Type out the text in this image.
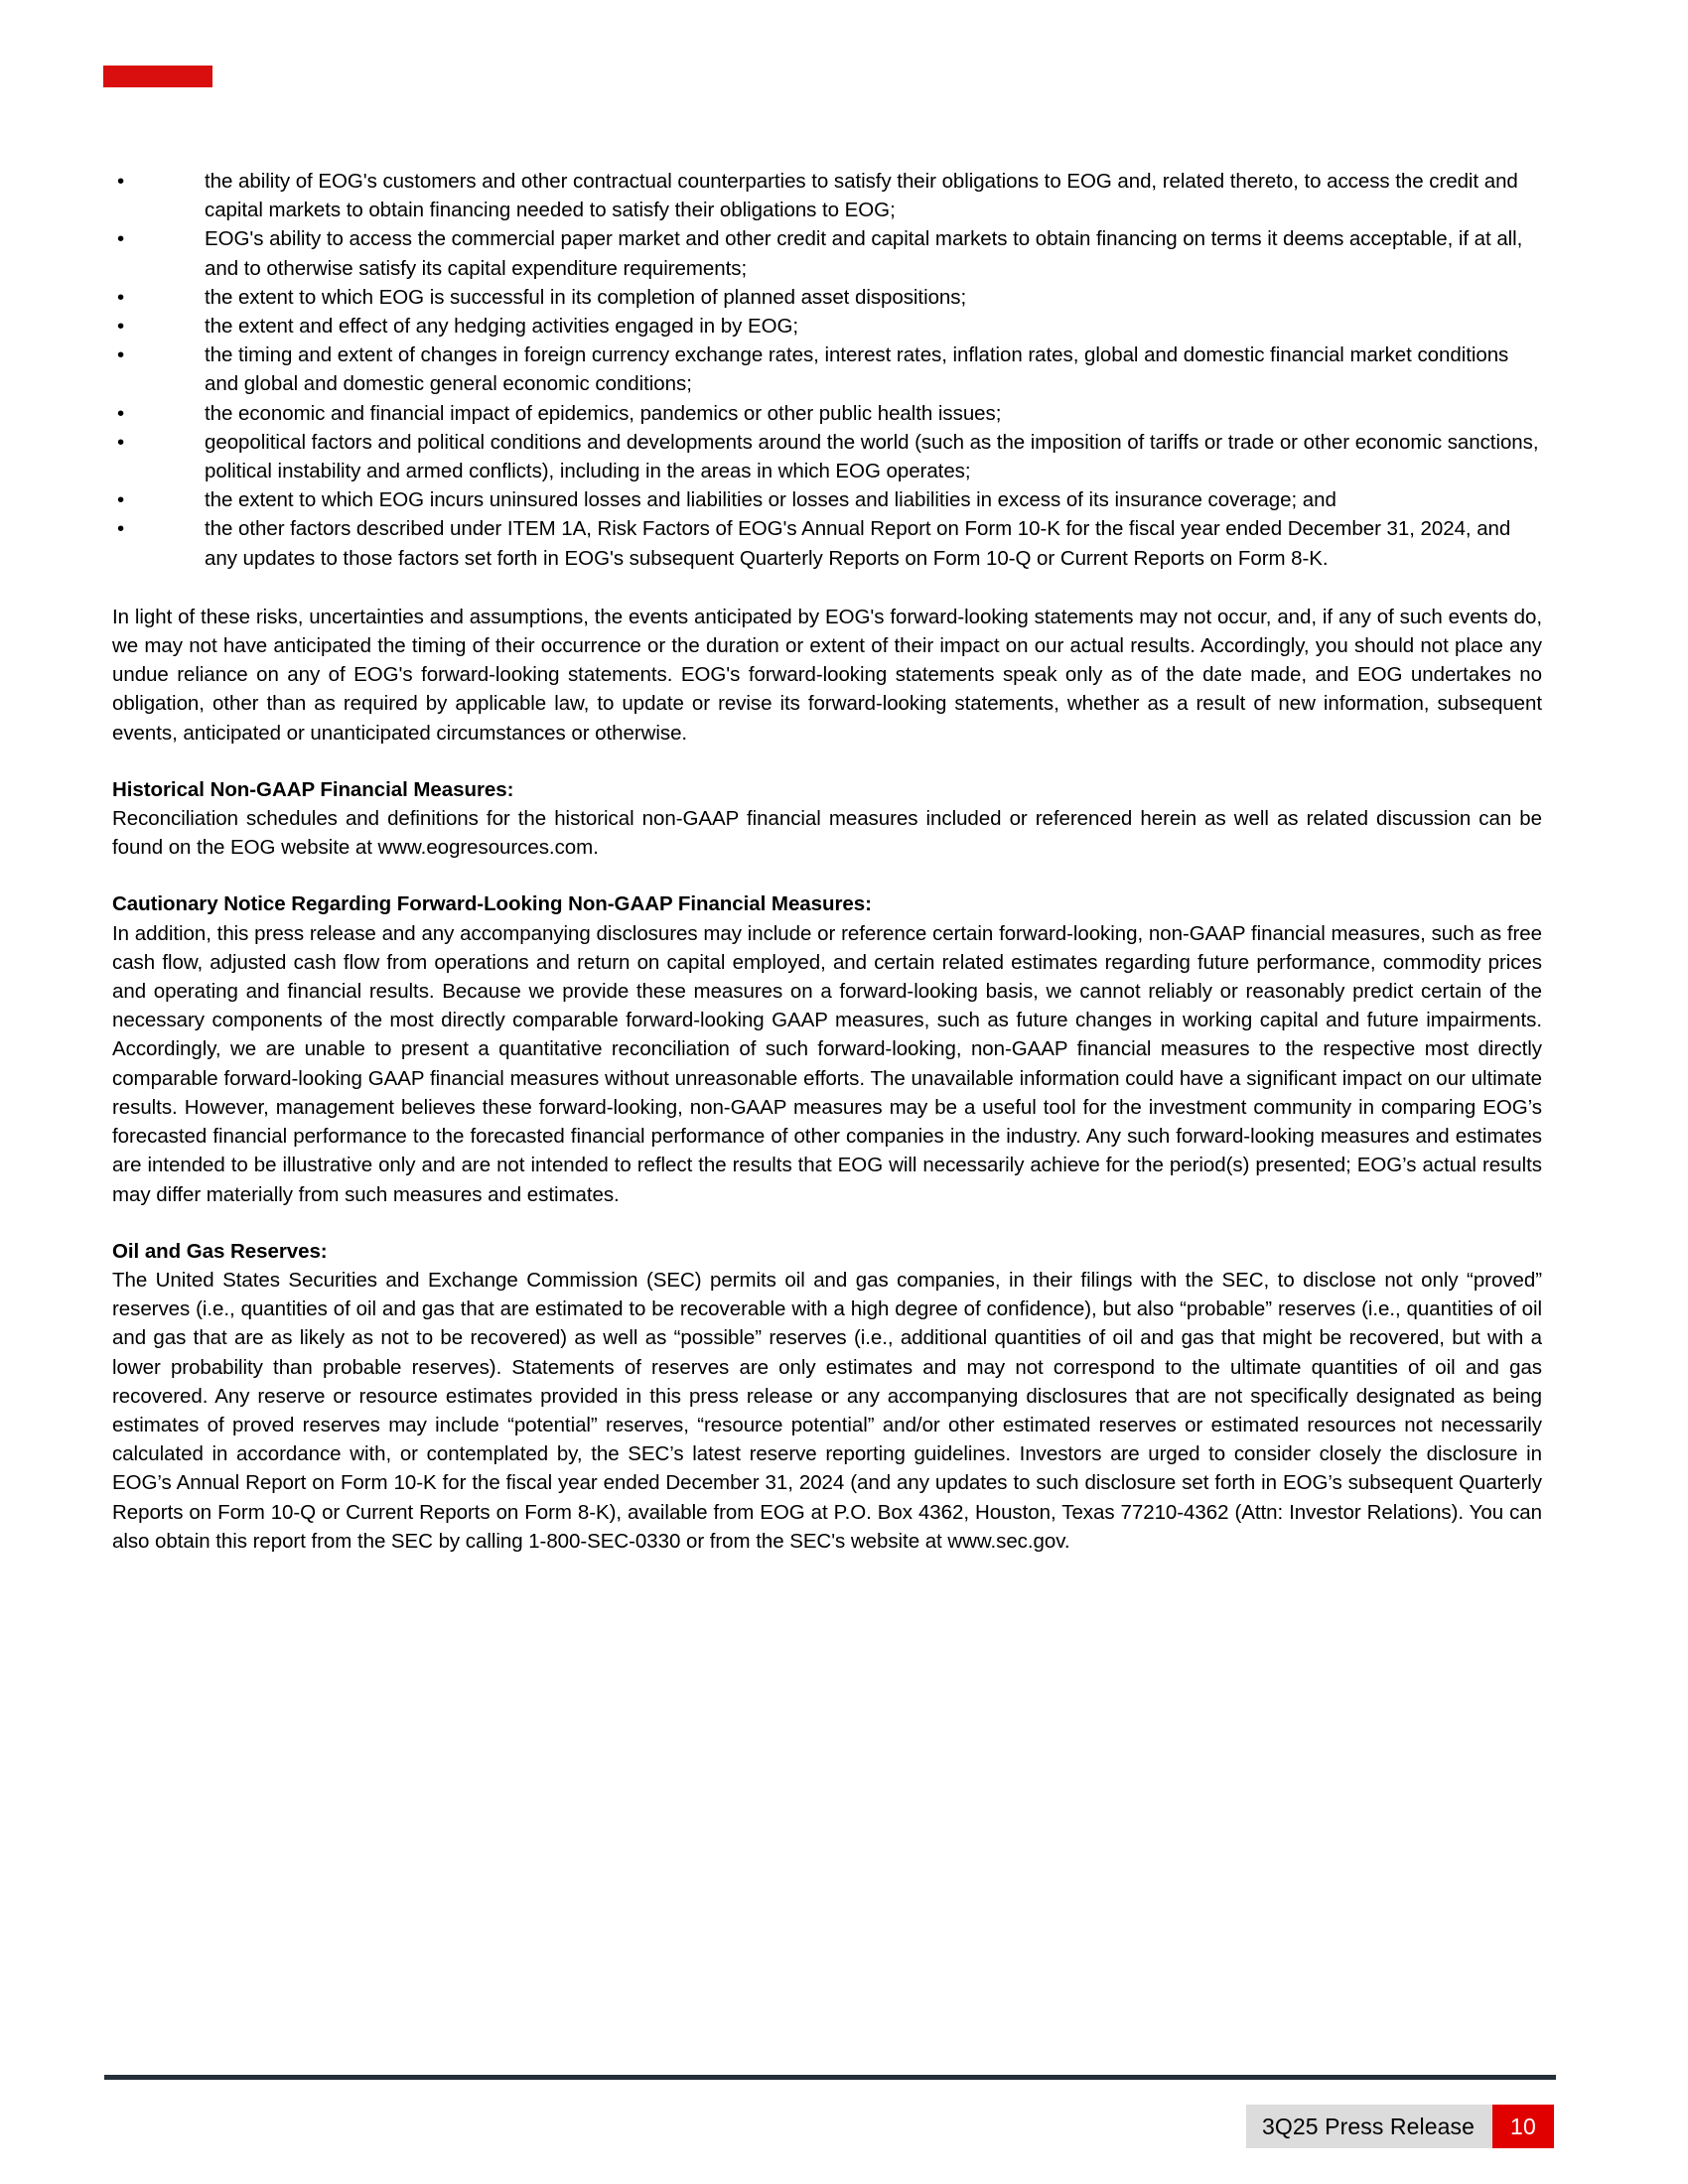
•	the ability of EOG's customers and other contractual counterparties to satisfy their obligations to EOG and, related thereto, to access the credit and capital markets to obtain financing needed to satisfy their obligations to EOG;
•	EOG's ability to access the commercial paper market and other credit and capital markets to obtain financing on terms it deems acceptable, if at all, and to otherwise satisfy its capital expenditure requirements;
•	the extent to which EOG is successful in its completion of planned asset dispositions;
•	the extent and effect of any hedging activities engaged in by EOG;
•	the timing and extent of changes in foreign currency exchange rates, interest rates, inflation rates, global and domestic financial market conditions and global and domestic general economic conditions;
•	the economic and financial impact of epidemics, pandemics or other public health issues;
•	geopolitical factors and political conditions and developments around the world (such as the imposition of tariffs or trade or other economic sanctions, political instability and armed conflicts), including in the areas in which EOG operates;
•	the extent to which EOG incurs uninsured losses and liabilities or losses and liabilities in excess of its insurance coverage; and
•	the other factors described under ITEM 1A, Risk Factors of EOG's Annual Report on Form 10-K for the fiscal year ended December 31, 2024, and any updates to those factors set forth in EOG's subsequent Quarterly Reports on Form 10-Q or Current Reports on Form 8-K.

In light of these risks, uncertainties and assumptions, the events anticipated by EOG's forward-looking statements may not occur, and, if any of such events do, we may not have anticipated the timing of their occurrence or the duration or extent of their impact on our actual results. Accordingly, you should not place any undue reliance on any of EOG's forward-looking statements. EOG's forward-looking statements speak only as of the date made, and EOG undertakes no obligation, other than as required by applicable law, to update or revise its forward-looking statements, whether as a result of new information, subsequent events, anticipated or unanticipated circumstances or otherwise.

Historical Non-GAAP Financial Measures:

Reconciliation schedules and definitions for the historical non-GAAP financial measures included or referenced herein as well as related discussion can be found on the EOG website at www.eogresources.com.

Cautionary Notice Regarding Forward-Looking Non-GAAP Financial Measures:

In addition, this press release and any accompanying disclosures may include or reference certain forward-looking, non-GAAP financial measures, such as free cash flow, adjusted cash flow from operations and return on capital employed, and certain related estimates regarding future performance, commodity prices and operating and financial results. Because we provide these measures on a forward-looking basis, we cannot reliably or reasonably predict certain of the necessary components of the most directly comparable forward-looking GAAP measures, such as future changes in working capital and future impairments. Accordingly, we are unable to present a quantitative reconciliation of such forward-looking, non-GAAP financial measures to the respective most directly comparable forward-looking GAAP financial measures without unreasonable efforts. The unavailable information could have a significant impact on our ultimate results. However, management believes these forward-looking, non-GAAP measures may be a useful tool for the investment community in comparing EOG’s forecasted financial performance to the forecasted financial performance of other companies in the industry. Any such forward-looking measures and estimates are intended to be illustrative only and are not intended to reflect the results that EOG will necessarily achieve for the period(s) presented; EOG’s actual results may differ materially from such measures and estimates.

Oil and Gas Reserves:

The United States Securities and Exchange Commission (SEC) permits oil and gas companies, in their filings with the SEC, to disclose not only “proved” reserves (i.e., quantities of oil and gas that are estimated to be recoverable with a high degree of confidence), but also “probable” reserves (i.e., quantities of oil and gas that are as likely as not to be recovered) as well as “possible” reserves (i.e., additional quantities of oil and gas that might be recovered, but with a lower probability than probable reserves). Statements of reserves are only estimates and may not correspond to the ultimate quantities of oil and gas recovered. Any reserve or resource estimates provided in this press release or any accompanying disclosures that are not specifically designated as being estimates of proved reserves may include “potential” reserves, “resource potential” and/or other estimated reserves or estimated resources not necessarily calculated in accordance with, or contemplated by, the SEC’s latest reserve reporting guidelines. Investors are urged to consider closely the disclosure in EOG’s Annual Report on Form 10-K for the fiscal year ended December 31, 2024 (and any updates to such disclosure set forth in EOG’s subsequent Quarterly Reports on Form 10-Q or Current Reports on Form 8-K), available from EOG at P.O. Box 4362, Houston, Texas 77210-4362 (Attn: Investor Relations). You can also obtain this report from the SEC by calling 1-800-SEC-0330 or from the SEC's website at www.sec.gov.

3Q25 Press Release	10
